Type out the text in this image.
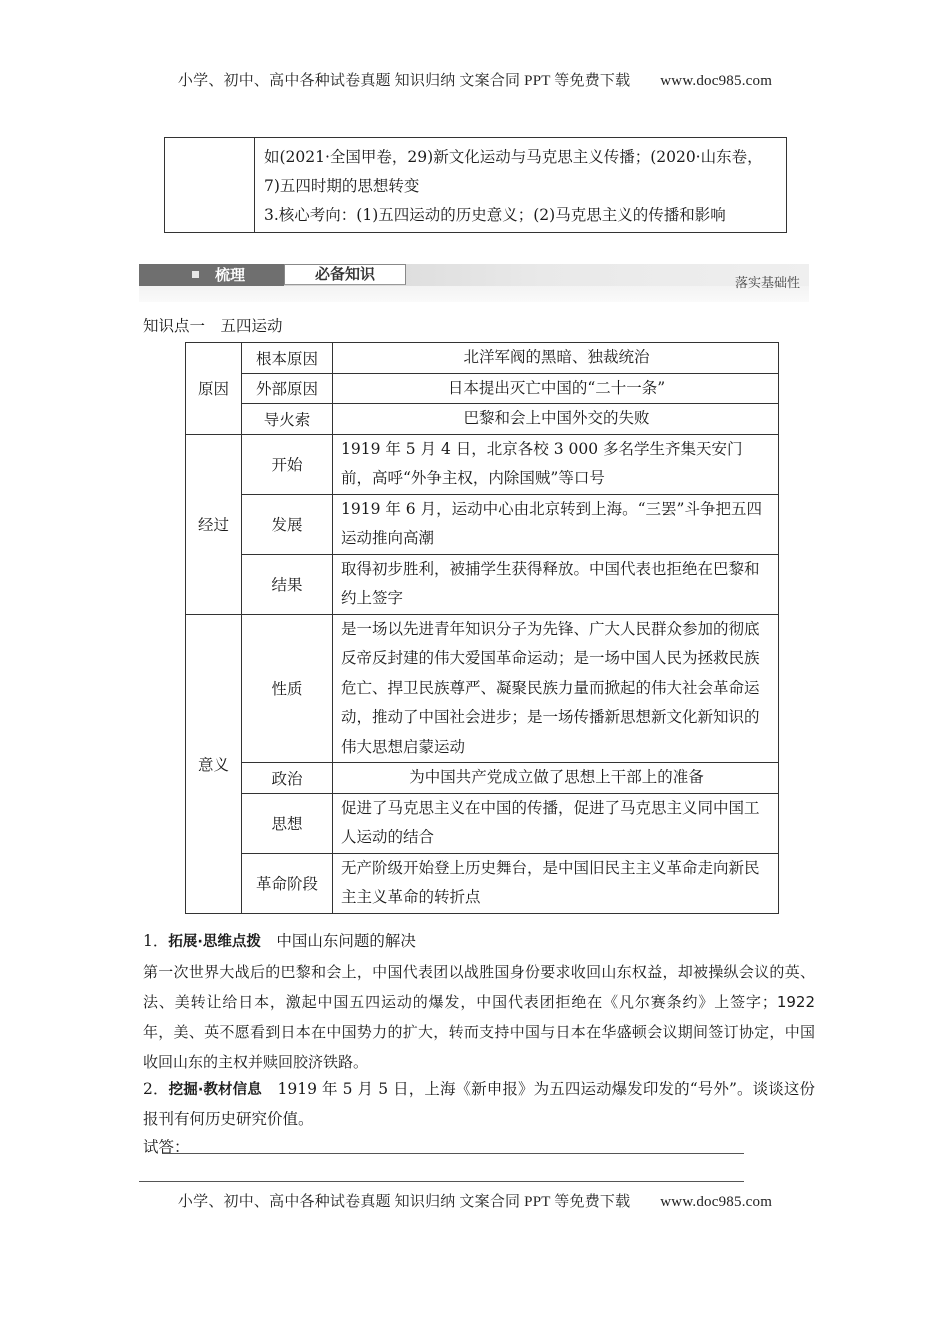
小学、初中、高中各种试卷真题 知识归纳 文案合同 PPT 等免费下载 www.doc985.com
如(2021·全国甲卷，29)新文化运动与马克思主义传播；(2020·山东卷，
7)五四时期的思想转变
3.核心考向：(1)五四运动的历史意义；(2)马克思主义的传播和影响
梳理	必备知识
落实基础性
知识点一　五四运动
原因	根本原因	北洋军阀的黑暗、独裁统治
	外部原因	日本提出灭亡中国的“二十一条”
	导火索	巴黎和会上中国外交的失败
经过	开始	1919 年 5 月 4 日，北京各校 3 000 多名学生齐集天安门前，高呼“外争主权，内除国贼”等口号
	发展	1919 年 6 月，运动中心由北京转到上海。“三罢”斗争把五四运动推向高潮
	结果	取得初步胜利，被捕学生获得释放。中国代表也拒绝在巴黎和约上签字
意义	性质	是一场以先进青年知识分子为先锋、广大人民群众参加的彻底反帝反封建的伟大爱国革命运动；是一场中国人民为拯救民族危亡、捍卫民族尊严、凝聚民族力量而掀起的伟大社会革命运动，推动了中国社会进步；是一场传播新思想新文化新知识的伟大思想启蒙运动
	政治	为中国共产党成立做了思想上干部上的准备
	思想	促进了马克思主义在中国的传播，促进了马克思主义同中国工人运动的结合
	革命阶段	无产阶级开始登上历史舞台，是中国旧民主主义革命走向新民主主义革命的转折点
1．拓展·思维点拨　 中国山东问题的解决
第一次世界大战后的巴黎和会上，中国代表团以战胜国身份要求收回山东权益，却被操纵会议的英、法、美转让给日本，激起中国五四运动的爆发，中国代表团拒绝在《凡尔赛条约》上签字；1922 年，美、英不愿看到日本在中国势力的扩大，转而支持中国与日本在华盛顿会议期间签订协定，中国收回山东的主权并赎回胶济铁路。
2．挖掘·教材信息　 1919 年 5 月 5 日，上海《新申报》为五四运动爆发印发的“号外”。谈谈这份报刊有何历史研究价值。
试答：
小学、初中、高中各种试卷真题 知识归纳 文案合同 PPT 等免费下载 www.doc985.com
